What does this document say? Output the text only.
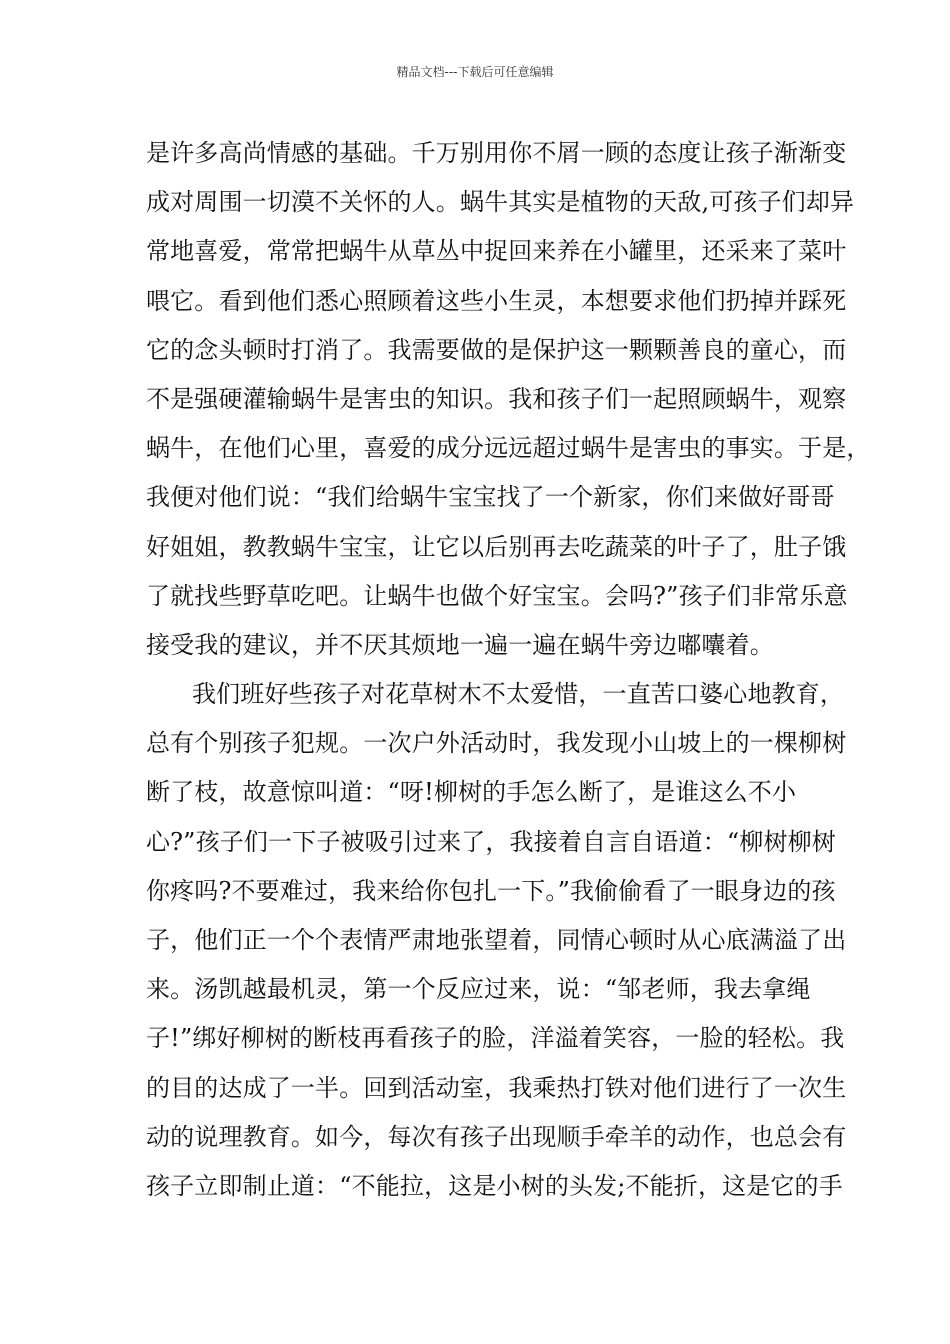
精品文档---下载后可任意编辑
是许多高尚情感的基础。千万别用你不屑一顾的态度让孩子渐渐变
成对周围一切漠不关怀的人。蜗牛其实是植物的天敌,可孩子们却异
常地喜爱，常常把蜗牛从草丛中捉回来养在小罐里，还采来了菜叶
喂它。看到他们悉心照顾着这些小生灵，本想要求他们扔掉并踩死
它的念头顿时打消了。我需要做的是保护这一颗颗善良的童心，而
不是强硬灌输蜗牛是害虫的知识。我和孩子们一起照顾蜗牛，观察
蜗牛，在他们心里，喜爱的成分远远超过蜗牛是害虫的事实。于是，
我便对他们说：“我们给蜗牛宝宝找了一个新家，你们来做好哥哥
好姐姐，教教蜗牛宝宝，让它以后别再去吃蔬菜的叶子了，肚子饿
了就找些野草吃吧。让蜗牛也做个好宝宝。会吗?”孩子们非常乐意
接受我的建议，并不厌其烦地一遍一遍在蜗牛旁边嘟囔着。
我们班好些孩子对花草树木不太爱惜，一直苦口婆心地教育，
总有个别孩子犯规。一次户外活动时，我发现小山坡上的一棵柳树
断了枝，故意惊叫道：“呀!柳树的手怎么断了，是谁这么不小
心?”孩子们一下子被吸引过来了，我接着自言自语道：“柳树柳树
你疼吗?不要难过，我来给你包扎一下。”我偷偷看了一眼身边的孩
子，他们正一个个表情严肃地张望着，同情心顿时从心底满溢了出
来。汤凯越最机灵，第一个反应过来，说：“邹老师，我去拿绳
子!”绑好柳树的断枝再看孩子的脸，洋溢着笑容，一脸的轻松。我
的目的达成了一半。回到活动室，我乘热打铁对他们进行了一次生
动的说理教育。如今，每次有孩子出现顺手牵羊的动作，也总会有
孩子立即制止道：“不能拉，这是小树的头发;不能折，这是它的手
